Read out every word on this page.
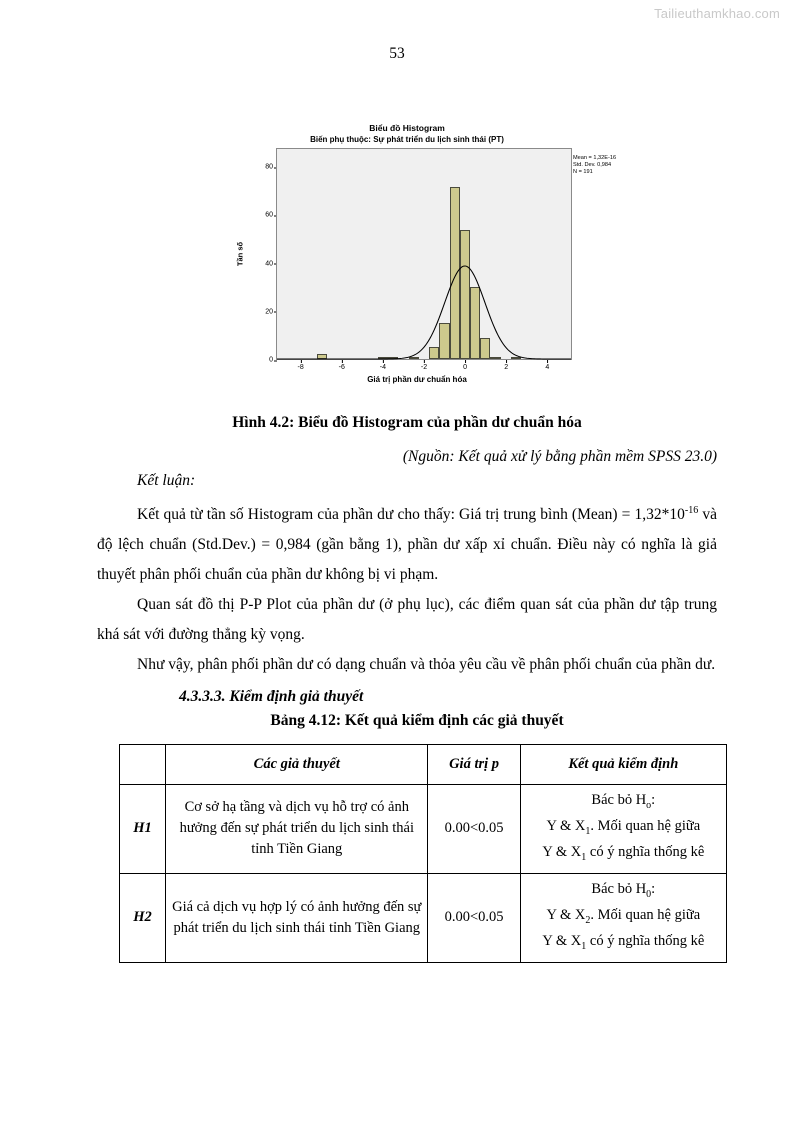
Tailieuthamkhao.com
53
Biểu đồ Histogram
Biến phụ thuộc: Sự phát triển du lịch sinh thái (PT)
Tần số
0
20
40
60
80
Mean = 1,32E-16
Std. Dev. 0,984
N = 191
-8	-6	-4	-2	0	2	4
Giá trị phần dư chuẩn hóa
Hình 4.2: Biểu đồ Histogram của phần dư chuẩn hóa
(Nguồn: Kết quả xử lý bằng phần mềm SPSS 23.0)

Kết luận:

Kết quả từ tần số Histogram của phần dư cho thấy: Giá trị trung bình (Mean) = $1,32*10^{-16}$ và độ lệch chuẩn (Std.Dev.) = 0,984 (gần bằng 1), phần dư xấp xỉ chuẩn. Điều này có nghĩa là giả thuyết phân phối chuẩn của phần dư không bị vi phạm.

Quan sát đồ thị P-P Plot của phần dư (ở phụ lục), các điểm quan sát của phần dư tập trung khá sát với đường thẳng kỳ vọng.

Như vậy, phân phối phần dư có dạng chuẩn và thỏa yêu cầu về phân phối chuẩn của phần dư.

4.3.3.3. Kiểm định giả thuyết
Bảng 4.12: Kết quả kiểm định các giả thuyết
	Các giả thuyết	Giá trị p	Kết quả kiểm định
H1	Cơ sở hạ tầng và dịch vụ hỗ trợ có ảnh hưởng đến sự phát triển du lịch sinh thái tỉnh Tiền Giang	0.00<0.05	Bác bỏ $H_o$:
Y & $X_1$. Mối quan hệ giữa
Y & $X_1$ có ý nghĩa thống kê

H2	Giá cả dịch vụ hợp lý có ảnh hưởng đến sự phát triển du lịch sinh thái tỉnh Tiền Giang	0.00<0.05	Bác bỏ $H_0$:
Y & $X_2$. Mối quan hệ giữa
Y & $X_1$ có ý nghĩa thống kê
